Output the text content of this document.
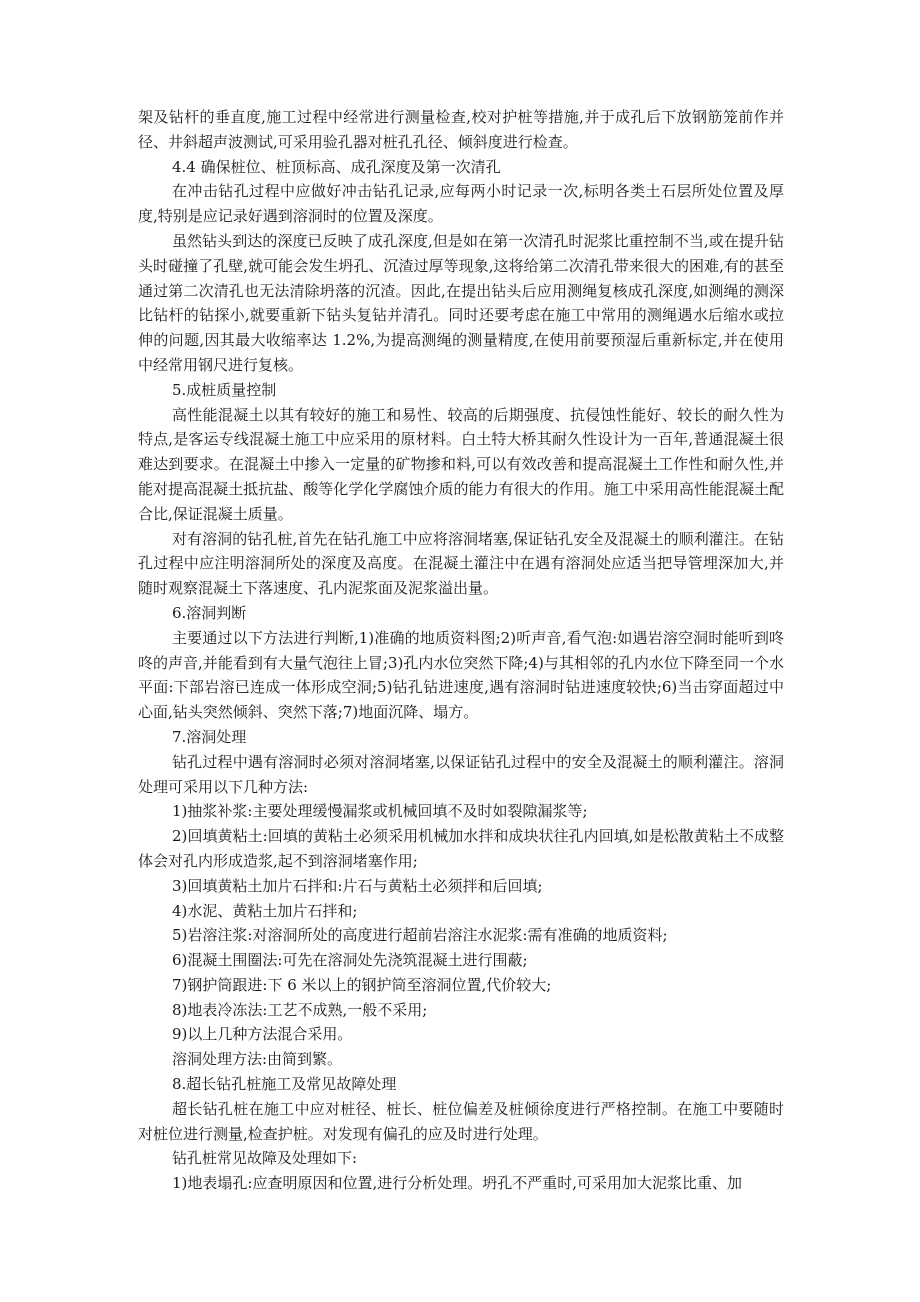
架及钻杆的垂直度,施工过程中经常进行测量检查,校对护桩等措施,并于成孔后下放钢筋笼前作并径、井斜超声波测试,可采用验孔器对桩孔孔径、倾斜度进行检查。

4.4 确保桩位、桩顶标高、成孔深度及第一次清孔

在冲击钻孔过程中应做好冲击钻孔记录,应每两小时记录一次,标明各类土石层所处位置及厚度,特别是应记录好遇到溶洞时的位置及深度。

虽然钻头到达的深度已反映了成孔深度,但是如在第一次清孔时泥浆比重控制不当,或在提升钻头时碰撞了孔壁,就可能会发生坍孔、沉渣过厚等现象,这将给第二次清孔带来很大的困难,有的甚至通过第二次清孔也无法清除坍落的沉渣。因此,在提出钻头后应用测绳复核成孔深度,如测绳的测深比钻杆的钻探小,就要重新下钻头复钻并清孔。同时还要考虑在施工中常用的测绳遇水后缩水或拉伸的问题,因其最大收缩率达 1.2%,为提高测绳的测量精度,在使用前要预湿后重新标定,并在使用中经常用钢尺进行复核。

5.成桩质量控制

高性能混凝土以其有较好的施工和易性、较高的后期强度、抗侵蚀性能好、较长的耐久性为特点,是客运专线混凝土施工中应采用的原材料。白土特大桥其耐久性设计为一百年,普通混凝土很难达到要求。在混凝土中掺入一定量的矿物掺和料,可以有效改善和提高混凝土工作性和耐久性,并能对提高混凝土抵抗盐、酸等化学化学腐蚀介质的能力有很大的作用。施工中采用高性能混凝土配合比,保证混凝土质量。

对有溶洞的钻孔桩,首先在钻孔施工中应将溶洞堵塞,保证钻孔安全及混凝土的顺利灌注。在钻孔过程中应注明溶洞所处的深度及高度。在混凝土灌注中在遇有溶洞处应适当把导管埋深加大,并随时观察混凝土下落速度、孔内泥浆面及泥浆溢出量。

6.溶洞判断

主要通过以下方法进行判断,1)准确的地质资料图;2)听声音,看气泡:如遇岩溶空洞时能听到咚咚的声音,并能看到有大量气泡往上冒;3)孔内水位突然下降;4)与其相邻的孔内水位下降至同一个水平面:下部岩溶已连成一体形成空洞;5)钻孔钻进速度,遇有溶洞时钻进速度较快;6)当击穿面超过中心面,钻头突然倾斜、突然下落;7)地面沉降、塌方。

7.溶洞处理

钻孔过程中遇有溶洞时必须对溶洞堵塞,以保证钻孔过程中的安全及混凝土的顺利灌注。溶洞处理可采用以下几种方法:

1)抽浆补浆:主要处理缓慢漏浆或机械回填不及时如裂隙漏浆等;

2)回填黄粘土:回填的黄粘土必须采用机械加水拌和成块状往孔内回填,如是松散黄粘土不成整体会对孔内形成造浆,起不到溶洞堵塞作用;

3)回填黄粘土加片石拌和:片石与黄粘土必须拌和后回填;

4)水泥、黄粘土加片石拌和;

5)岩溶注浆:对溶洞所处的高度进行超前岩溶注水泥浆:需有准确的地质资料;

6)混凝土围圈法:可先在溶洞处先浇筑混凝土进行围蔽;

7)钢护筒跟进:下 6 米以上的钢护筒至溶洞位置,代价较大;

8)地表冷冻法:工艺不成熟,一般不采用;

9)以上几种方法混合采用。

溶洞处理方法:由简到繁。

8.超长钻孔桩施工及常见故障处理

超长钻孔桩在施工中应对桩径、桩长、桩位偏差及桩倾徐度进行严格控制。在施工中要随时对桩位进行测量,检查护桩。对发现有偏孔的应及时进行处理。

钻孔桩常见故障及处理如下:

1)地表塌孔:应查明原因和位置,进行分析处理。坍孔不严重时,可采用加大泥浆比重、加
